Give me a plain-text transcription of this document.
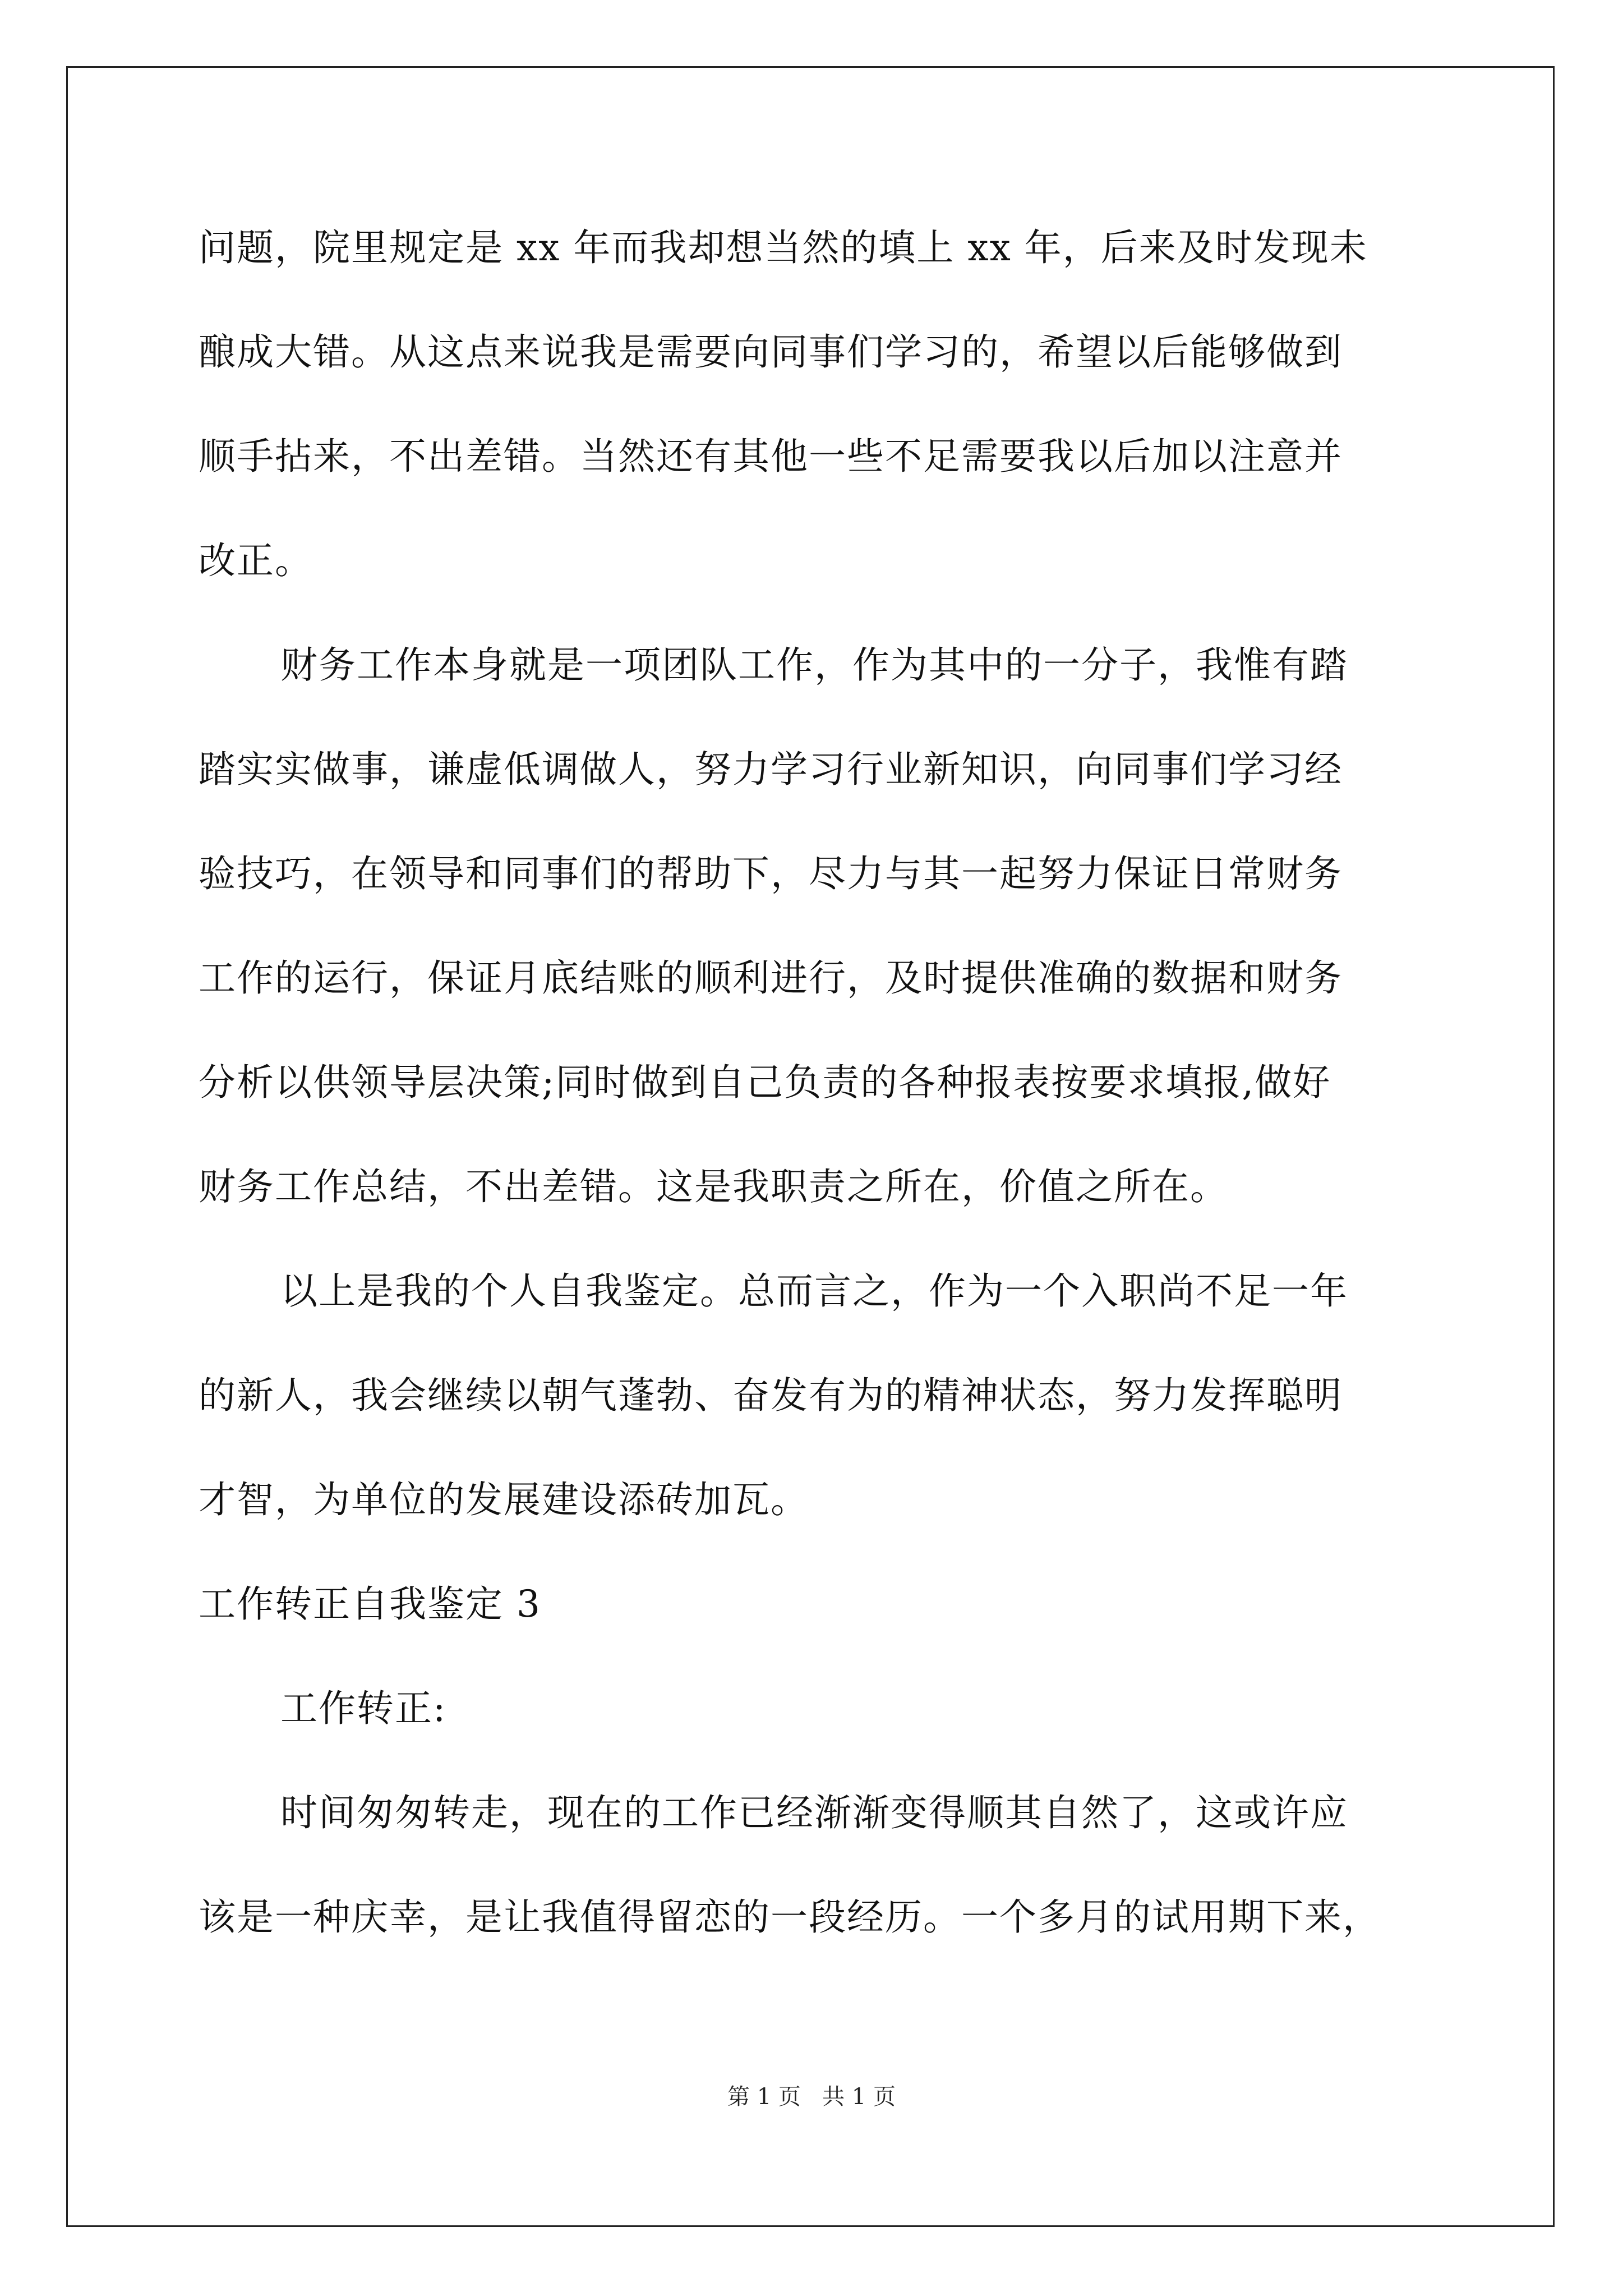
问题，院里规定是 xx 年而我却想当然的填上 xx 年，后来及时发现未
酿成大错。从这点来说我是需要向同事们学习的，希望以后能够做到
顺手拈来，不出差错。当然还有其他一些不足需要我以后加以注意并
改正。
财务工作本身就是一项团队工作，作为其中的一分子，我惟有踏
踏实实做事，谦虚低调做人，努力学习行业新知识，向同事们学习经
验技巧，在领导和同事们的帮助下，尽力与其一起努力保证日常财务
工作的运行，保证月底结账的顺利进行，及时提供准确的数据和财务
分析以供领导层决策;同时做到自己负责的各种报表按要求填报,做好
财务工作总结，不出差错。这是我职责之所在，价值之所在。
以上是我的个人自我鉴定。总而言之，作为一个入职尚不足一年
的新人，我会继续以朝气蓬勃、奋发有为的精神状态，努力发挥聪明
才智，为单位的发展建设添砖加瓦。
工作转正自我鉴定 3
工作转正:
时间匆匆转走，现在的工作已经渐渐变得顺其自然了，这或许应
该是一种庆幸，是让我值得留恋的一段经历。一个多月的试用期下来，
第 1 页   共 1 页
